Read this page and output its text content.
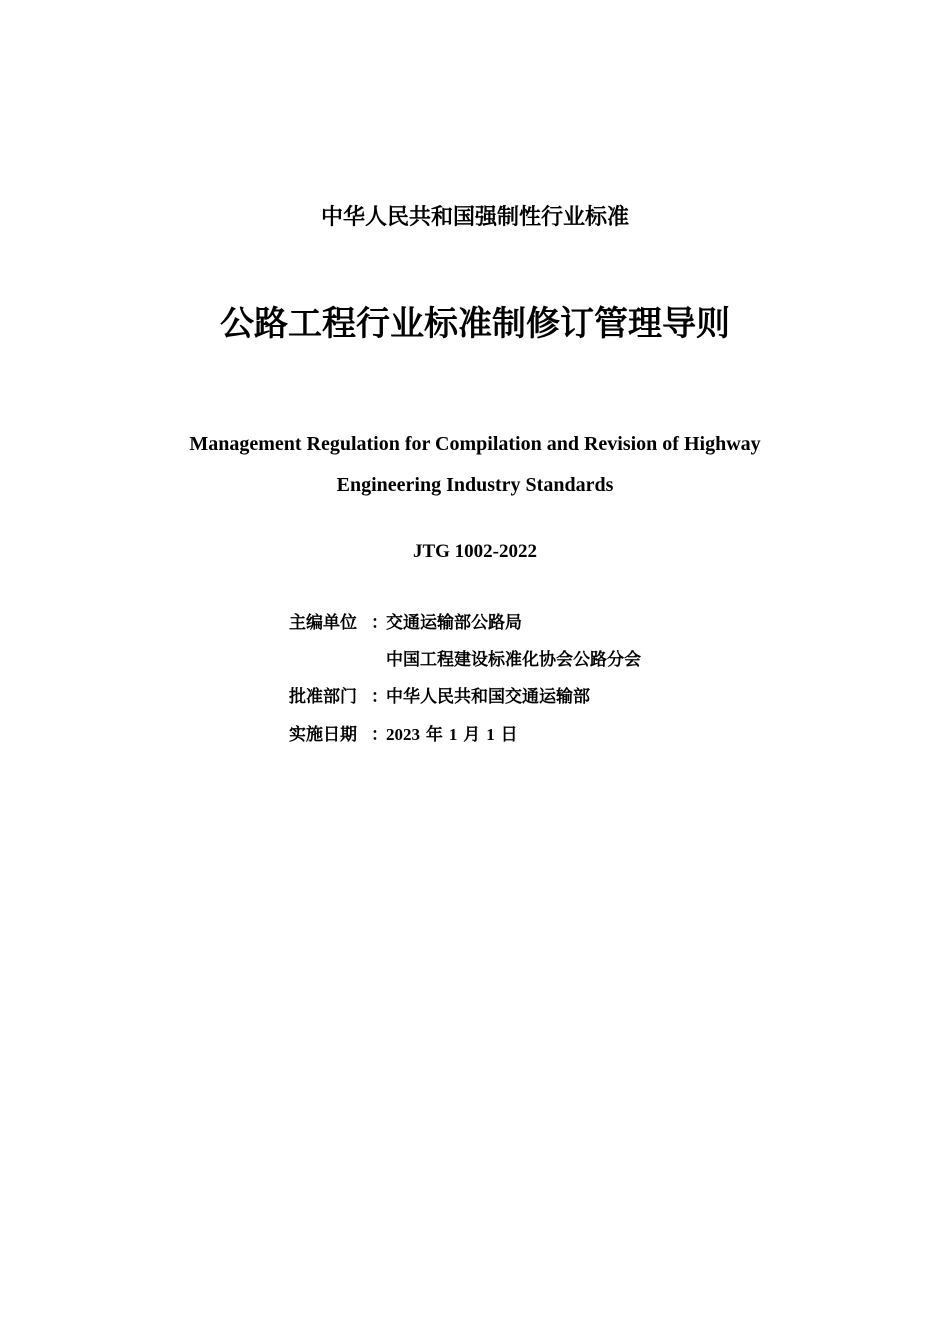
中华人民共和国强制性行业标准
公路工程行业标准制修订管理导则
Management Regulation for Compilation and Revision of Highway
Engineering Industry Standards
JTG 1002-2022
主编单位 ：交通运输部公路局
中国工程建设标准化协会公路分会
批准部门 ：中华人民共和国交通运输部
实施日期 ：2023 年 1 月 1 日
